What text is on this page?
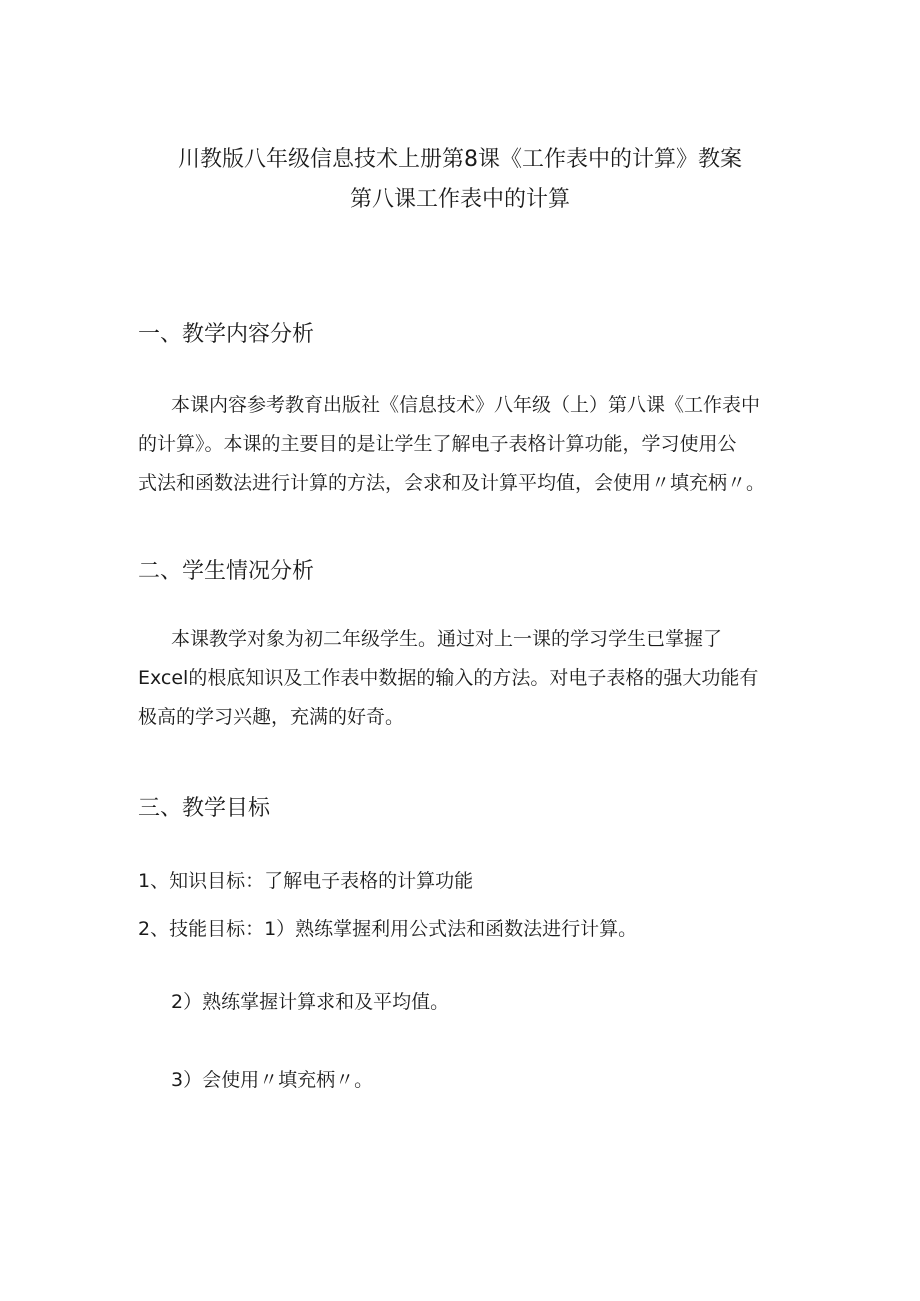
川教版八年级信息技术上册第8课《工作表中的计算》教案
第八课工作表中的计算
一、教学内容分析
本课内容参考教育出版社《信息技术》八年级（上）第八课《工作表中
的计算》。本课的主要目的是让学生了解电子表格计算功能，学习使用公
式法和函数法进行计算的方法，会求和及计算平均值，会使用〃填充柄〃。
二、学生情况分析
本课教学对象为初二年级学生。通过对上一课的学习学生已掌握了
Excel的根底知识及工作表中数据的输入的方法。对电子表格的强大功能有
极高的学习兴趣，充满的好奇。
三、教学目标
1、知识目标：了解电子表格的计算功能
2、技能目标：1）熟练掌握利用公式法和函数法进行计算。
2）熟练掌握计算求和及平均值。
3）会使用〃填充柄〃。
